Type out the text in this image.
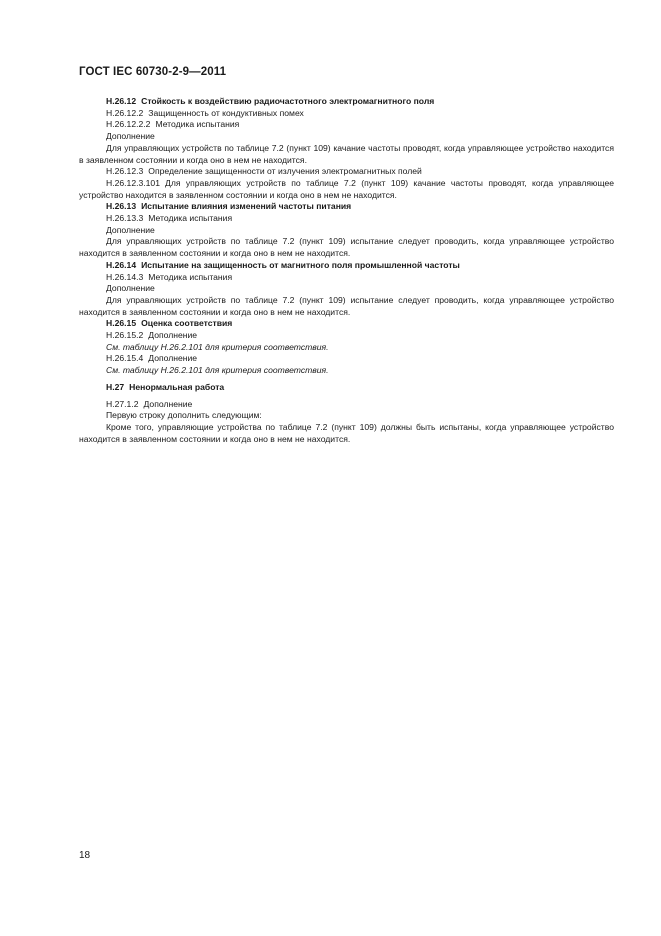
ГОСТ IEC 60730-2-9—2011

H.26.12 Стойкость к воздействию радиочастотного электромагнитного поля

H.26.12.2 Защищенность от кондуктивных помех

H.26.12.2.2 Методика испытания

Дополнение

Для управляющих устройств по таблице 7.2 (пункт 109) качание частоты проводят, когда управляющее устройство находится в заявленном состоянии и когда оно в нем не находится.

H.26.12.3 Определение защищенности от излучения электромагнитных полей

H.26.12.3.101 Для управляющих устройств по таблице 7.2 (пункт 109) качание частоты проводят, когда управляющее устройство находится в заявленном состоянии и когда оно в нем не находится.

H.26.13 Испытание влияния изменений частоты питания

H.26.13.3 Методика испытания

Дополнение

Для управляющих устройств по таблице 7.2 (пункт 109) испытание следует проводить, когда управляющее устройство находится в заявленном состоянии и когда оно в нем не находится.

H.26.14 Испытание на защищенность от магнитного поля промышленной частоты

H.26.14.3 Методика испытания

Дополнение

Для управляющих устройств по таблице 7.2 (пункт 109) испытание следует проводить, когда управляющее устройство находится в заявленном состоянии и когда оно в нем не находится.

H.26.15 Оценка соответствия

H.26.15.2 Дополнение

См. таблицу H.26.2.101 для критерия соответствия.

H.26.15.4 Дополнение

См. таблицу H.26.2.101 для критерия соответствия.

H.27 Ненормальная работа

H.27.1.2 Дополнение

Первую строку дополнить следующим:

Кроме того, управляющие устройства по таблице 7.2 (пункт 109) должны быть испытаны, когда управляющее устройство находится в заявленном состоянии и когда оно в нем не находится.

18
